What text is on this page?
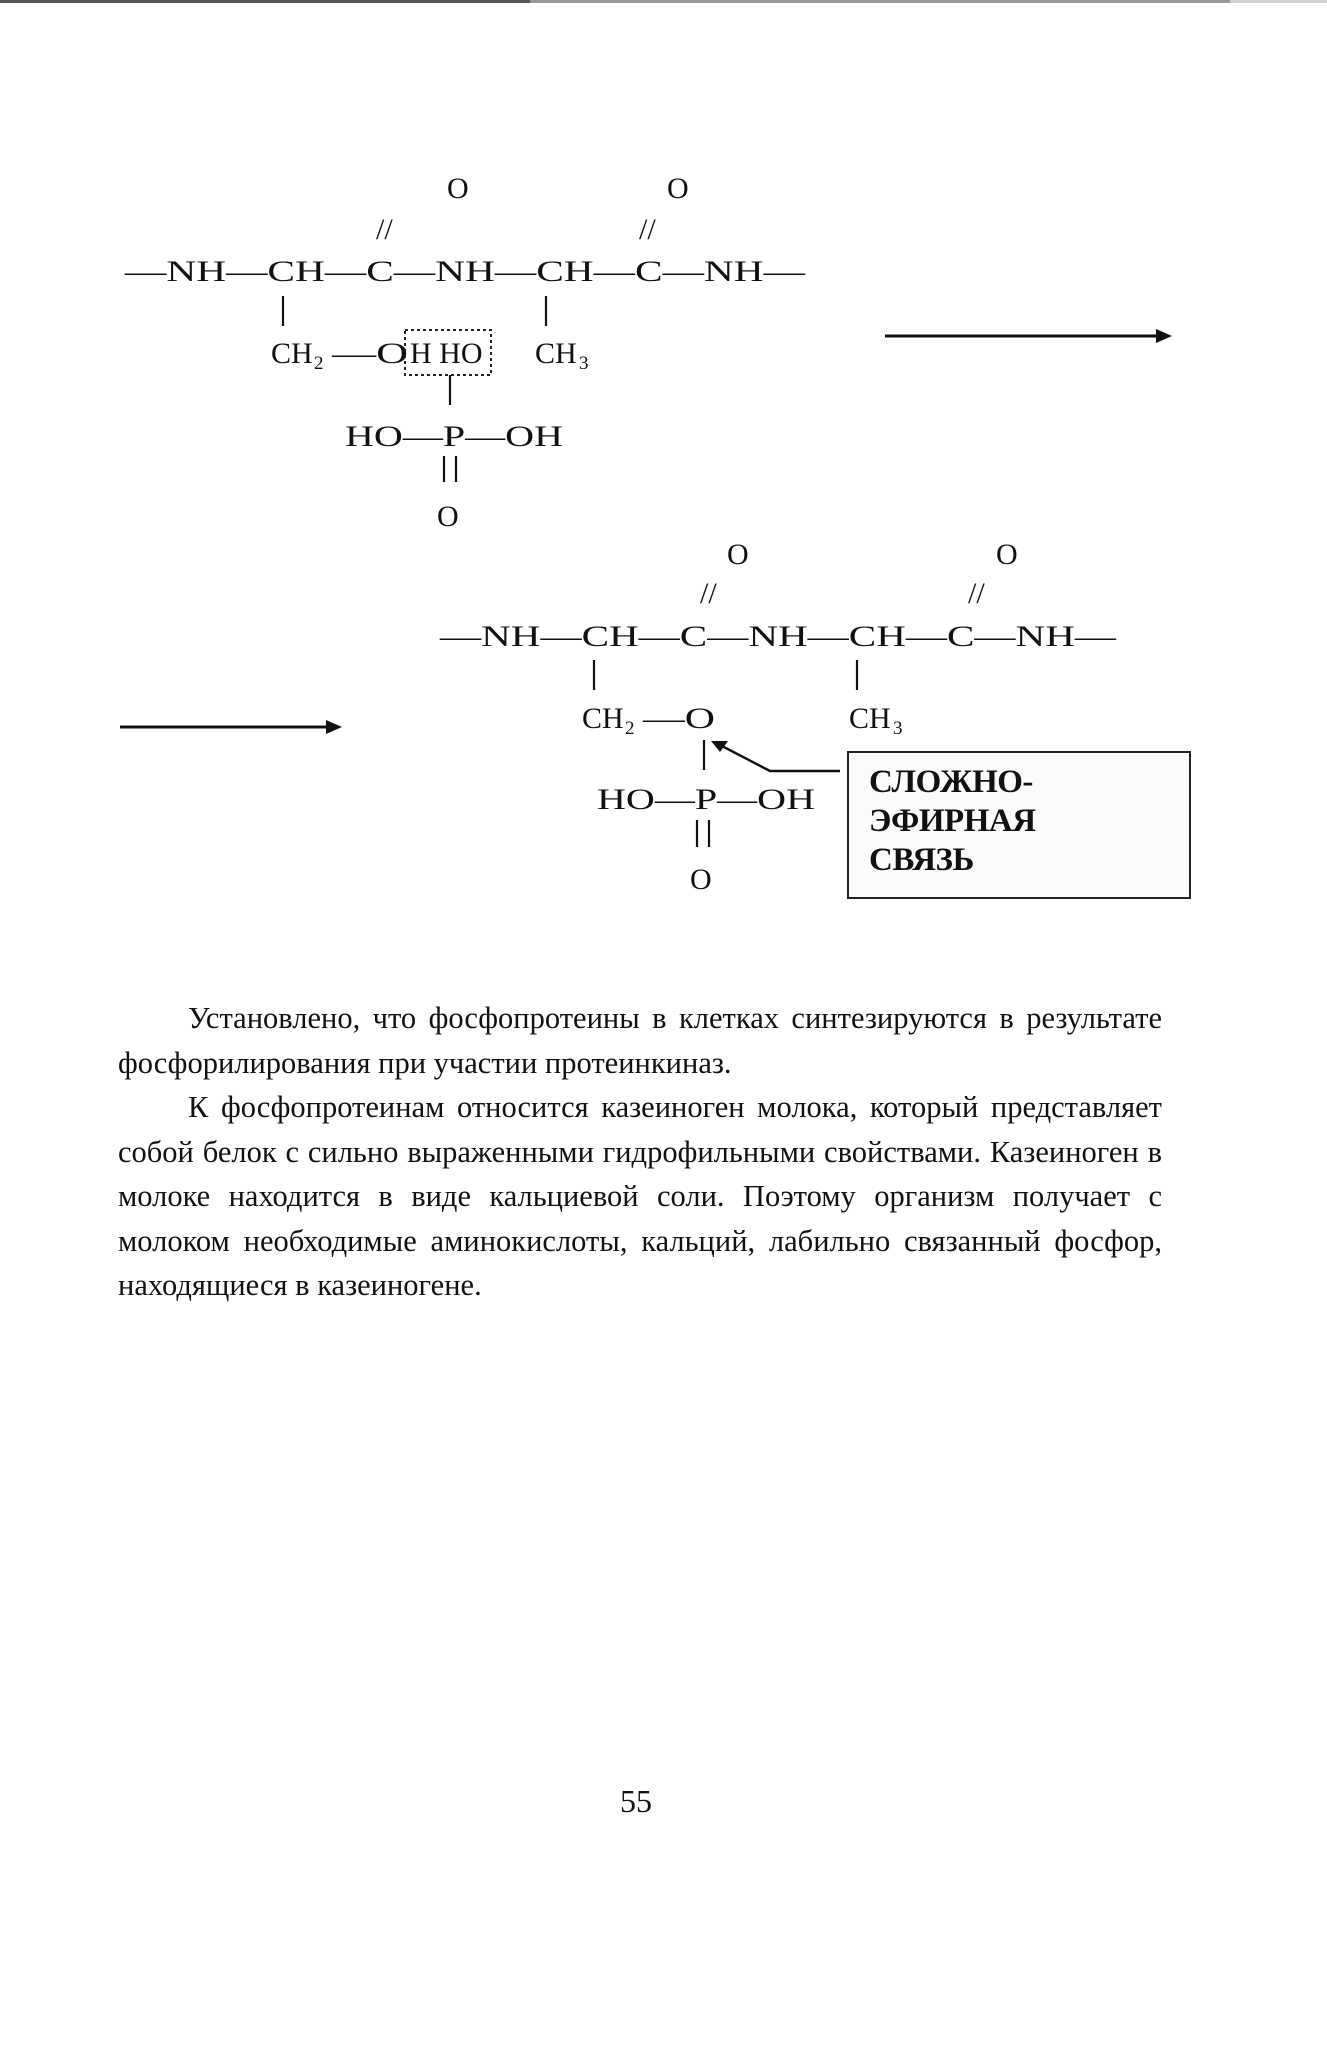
O	O
//	//
—NH—CH—C—NH—CH—C—NH—
CH 2 —O H HO CH 3
HO—P—OH
O
O	O
//	//
—NH—CH—C—NH—CH—C—NH—
CH 2 —O	CH 3
HO—P—OH
O
СЛОЖНО-
ЭФИРНАЯ
СВЯЗЬ

Установлено, что фосфопротеины в клетках синтезируются в результате фосфорилирования при участии протеинкиназ.

К фосфопротеинам относится казеиноген молока, который представляет собой белок с сильно выраженными гидрофильными свойствами. Казеиноген в молоке находится в виде кальциевой соли. Поэтому организм получает с молоком необходимые аминокислоты, кальций, лабильно связанный фосфор, находящиеся в казеиногене.

55
